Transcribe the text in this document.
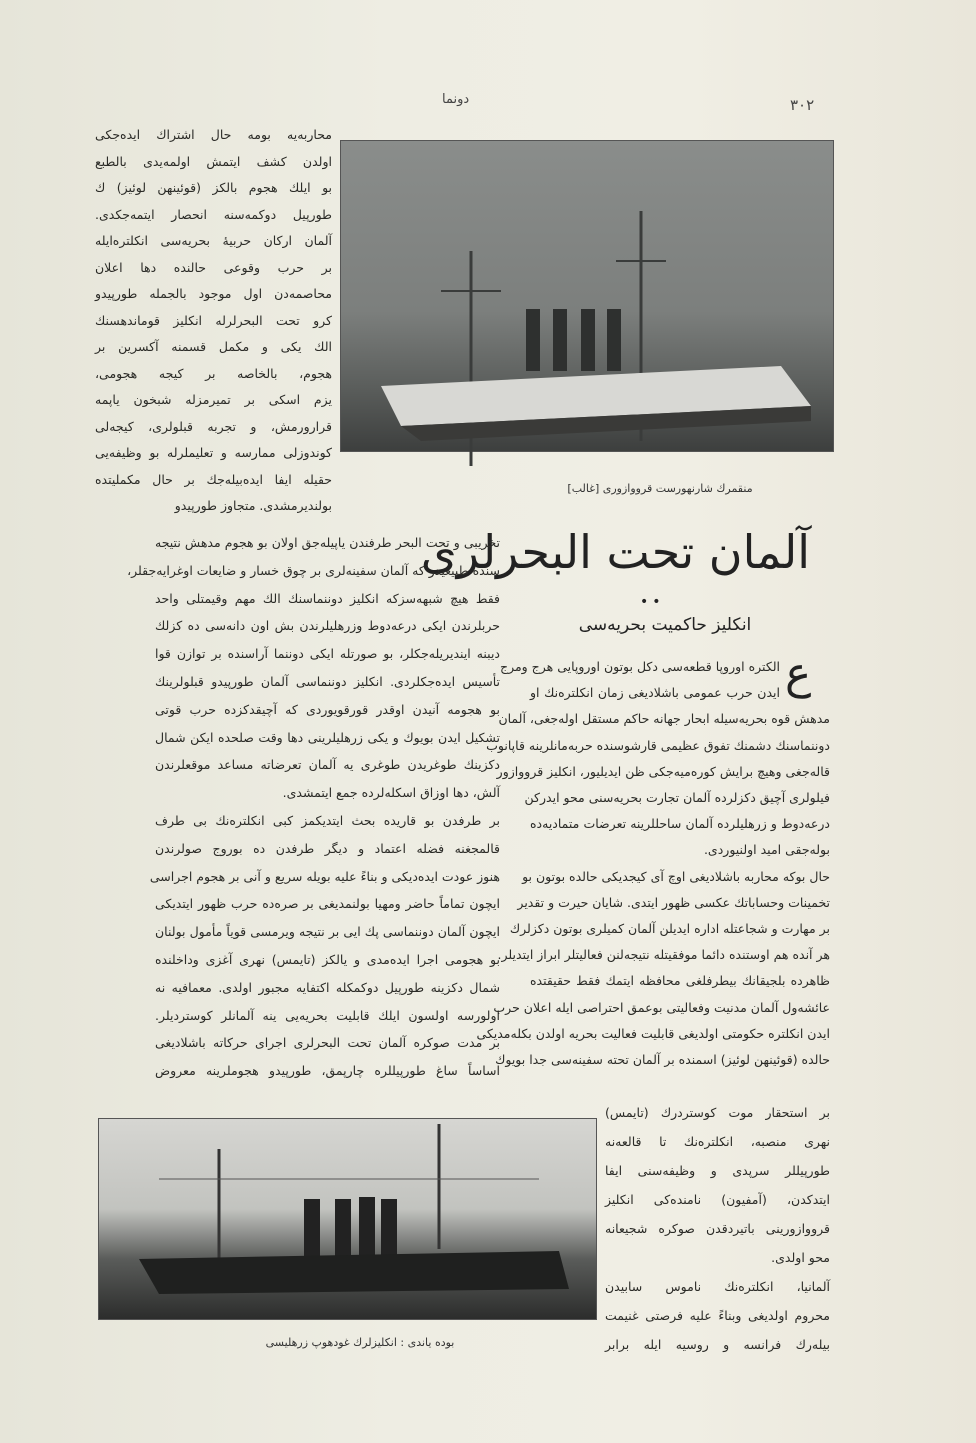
دونما	۳۰۲
منقمرك شارنهورست قرووازوری [غالب]
آلمان تحت البحرلری
••
انكلیز حاكمیت بحریه‌سی
ع
محاربه‌یه بومه حال اشتراك ایده‌جكی
اولدن كشف ایتمش اولمه‌یدی بالطبع
بو ایلك هجوم بالكز (قوئینهن لوئیز) ك
طورپیل دوكمه‌سنه انحصار ایتمه‌جكدی.
آلمان اركان حربیهٔ بحریه‌سی انكلتره‌ایله
بر حرب وقوعی حالنده دها اعلان
محاصمه‌دن اول موجود بالجمله طورپیدو
كرو تحت البحرلرله انكلیز قوماندهسنك
الك یكی و مكمل قسمنه آكسرین بر
هجوم، بالخاصه بر كیجه هجومی،
یزم اسكی بر تمیرمزله شبخون یاپمه
قرارورمش، و تجربه قبلولری، كیجه‌لی
كوندوزلی ممارسه و تعلیملرله بو وظیفه‌یی
حقیله ایفا ایده‌بیله‌جك بر حال مكملیتده
بولندیرمشدی. متجاوز طورپیدو
تخریبی و تحت البحر طرفندن یاپیله‌جق اولان بو هجوم مدهش نتیجه
سنده طبیعیدر كه آلمان سفینه‌لری بر چوق خسار و ضایعات اوغرایه‌جقلر،
فقط هیچ شبهه‌سزكه انكلیز دوننماسنك الك مهم وقیمتلی واحد
حربلرندن ایكی درعه‌دوط وزرهلیلرندن بش اون دانه‌سی ده كزلك
دیبنه ایندیریله‌جكلر، بو صورتله ایكی دوننما آراسنده بر توازن قوا
تأسیس ایده‌جكلردی. انكلیز دوننماسی آلمان طورپیدو قبلولرینك
بو هجومه آنیدن اوقدر قورقویوردی كه آچیقدكزده حرب قوتی
تشكیل ایدن بویوك و یكی زرهلیلرینی دها وقت صلحده ایكن شمال
دكزینك طوغریدن طوغری یه آلمان تعرضاته مساعد موقعلرندن
آلش، دها اوزاق اسكله‌لرده جمع ایتمشدی.
بر طرفدن بو قاریده بحث ایتدیكمز كبی انكلتره‌نك بی طرف
قالمجغنه فضله اعتماد و دیگر طرفدن ده بوروج صولرندن
هنوز عودت ایده‌دیكی و بناءً علیه بویله سریع و آنی بر هجوم اجراسی
ایچون تماماً حاضر ومهیا بولنمدیغی بر صره‌ده حرب ظهور ایتدیكی
ایچون آلمان دوننماسی پك ایی بر نتیجه ویرمسی قویاً مأمول بولنان
بو هجومی اجرا ایده‌مدی و یالكز (تایمس) نهری آغزی وداخلنده
شمال دكزینه طورپیل دوكمكله اكتفایه مجبور اولدی. معمافیه نه
اولورسه اولسون ایلك قابلیت بحریه‌یی ینه آلمانلر كوستردیلر.
بر مدت صوكره آلمان تحت البحرلری اجرای حركاته باشلادیغی
اساساً ساغ طورپیللره چارپمق، طورپیدو هجوملرینه معروض
الكتره اوروپا قطعه‌سی دكل بوتون اوروپایی هرج ومرج
ایدن حرب عمومی باشلادیغی زمان انكلتره‌نك او
مدهش قوه بحریه‌سیله ابحار جهانه حاكم مستقل اوله‌جغی، آلمان
دوننماسنك دشمنك تفوق عظیمی قارشوسنده حربه‌مانلرینه قاپانوب
قاله‌جغی وهیچ برایش كوره‌میه‌جكی ظن ایدیلیور، انكلیز قرووازور
فیلولری آچیق دكزلرده آلمان تجارت بحریه‌سنی محو ایدركن
درعه‌دوط و زرهلیلرده آلمان ساحللرینه تعرضات متمادیه‌ده
بوله‌جقی امید اولنیوردی.
حال بوكه محاربه باشلادیغی اوچ آی كیجدیكی حالده بوتون بو
تخمینات وحساباتك عكسی ظهور ایتدی. شایان حیرت و تقدیر
بر مهارت و شجاعتله اداره ایدیلن آلمان كمیلری بوتون دكزلرك
هر آنده هم اوستنده دائما موفقیتله نتیجه‌لنن فعالیتلر ابراز ایتدیلر.
ظاهرده بلجیقانك بیطرفلغی محافظه ایتمك فقط حقیقتده
عائشه‌ول آلمان مدنیت وفعالیتی بوعمق احتراصی ایله اعلان حرب
ایدن انكلتره حكومتی اولدیغی قابلیت فعالیت بحریه اولدن بكله‌مدیكی
حالده (قوئینهن لوئیز) اسمنده بر آلمان تحته سفینه‌سی جدا بویوك
بر استحقار موت كوستردرك (تایمس)
نهری منصبه، انكلتره‌نك تا قالعه‌نه
طورپیللر سرپدی و وظیفه‌سنی ایفا
ایتدكدن، (آمفیون) نامنده‌كی انكلیز
قرووازورینی باتیردقدن صوكره شجیعانه
محو اولدی.
آلمانیا، انكلتره‌نك ناموس سابیدن
محروم اولدیغی وبناءً علیه فرصتی غنیمت
بیله‌رك فرانسه و روسیه ایله برابر
بوده یاندی : انكلیزلرك غودهوپ زرهلیسی
